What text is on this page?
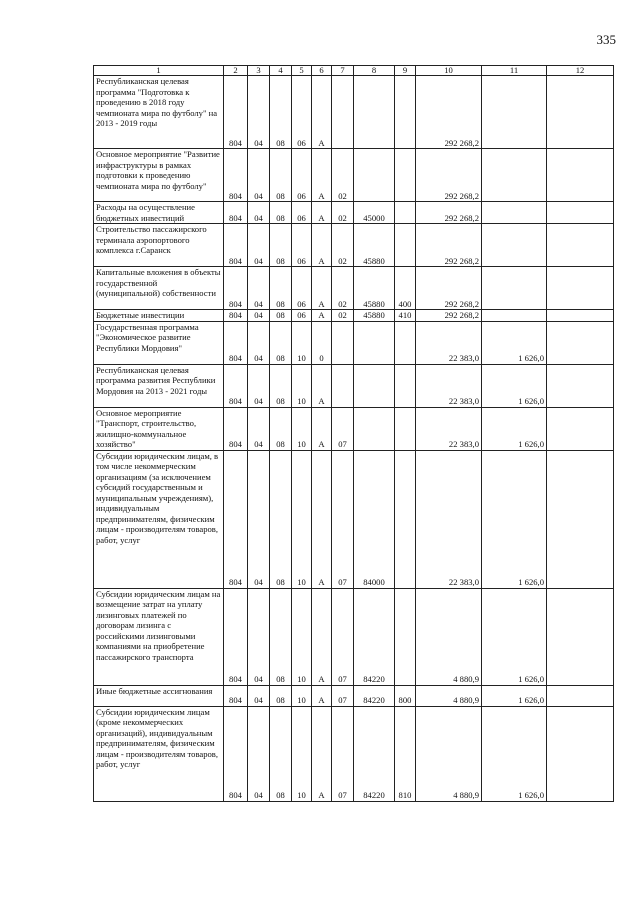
335
1	2	3	4	5	6	7	8	9	10	11	12
Республиканская целевая программа "Подготовка к проведению в 2018 году чемпионата мира по футболу" на 2013 - 2019 годы	804	04	08	06	А				292 268,2		
Основное мероприятие "Развитие инфраструктуры в рамках подготовки к проведению чемпионата мира по футболу"	804	04	08	06	А	02			292 268,2		
Расходы на осуществление бюджетных инвестиций	804	04	08	06	А	02	45000		292 268,2		
Строительство пассажирского терминала аэропортового комплекса г.Саранск	804	04	08	06	А	02	45880		292 268,2		
Капитальные вложения в объекты государственной (муниципальной) собственности	804	04	08	06	А	02	45880	400	292 268,2		
Бюджетные инвестиции	804	04	08	06	А	02	45880	410	292 268,2		
Государственная программа "Экономическое развитие Республики Мордовия"	804	04	08	10	0				22 383,0	1 626,0	
Республиканская целевая программа развития Республики Мордовия на 2013 - 2021 годы	804	04	08	10	А				22 383,0	1 626,0	
Основное мероприятие "Транспорт, строительство, жилищно-коммунальное хозяйство"	804	04	08	10	А	07			22 383,0	1 626,0	
Субсидии юридическим лицам, в том числе некоммерческим организациям (за исключением субсидий государственным и муниципальным учреждениям), индивидуальным предпринимателям, физическим лицам - производителям товаров, работ, услуг	804	04	08	10	А	07	84000		22 383,0	1 626,0	
Субсидии юридическим лицам на возмещение затрат на уплату лизинговых платежей по договорам лизинга с российскими лизинговыми компаниями на приобретение пассажирского транспорта	804	04	08	10	А	07	84220		4 880,9	1 626,0	
Иные бюджетные ассигнования	804	04	08	10	А	07	84220	800	4 880,9	1 626,0	
Субсидии юридическим лицам (кроме некоммерческих организаций), индивидуальным предпринимателям, физическим лицам - производителям товаров, работ, услуг	804	04	08	10	А	07	84220	810	4 880,9	1 626,0	
